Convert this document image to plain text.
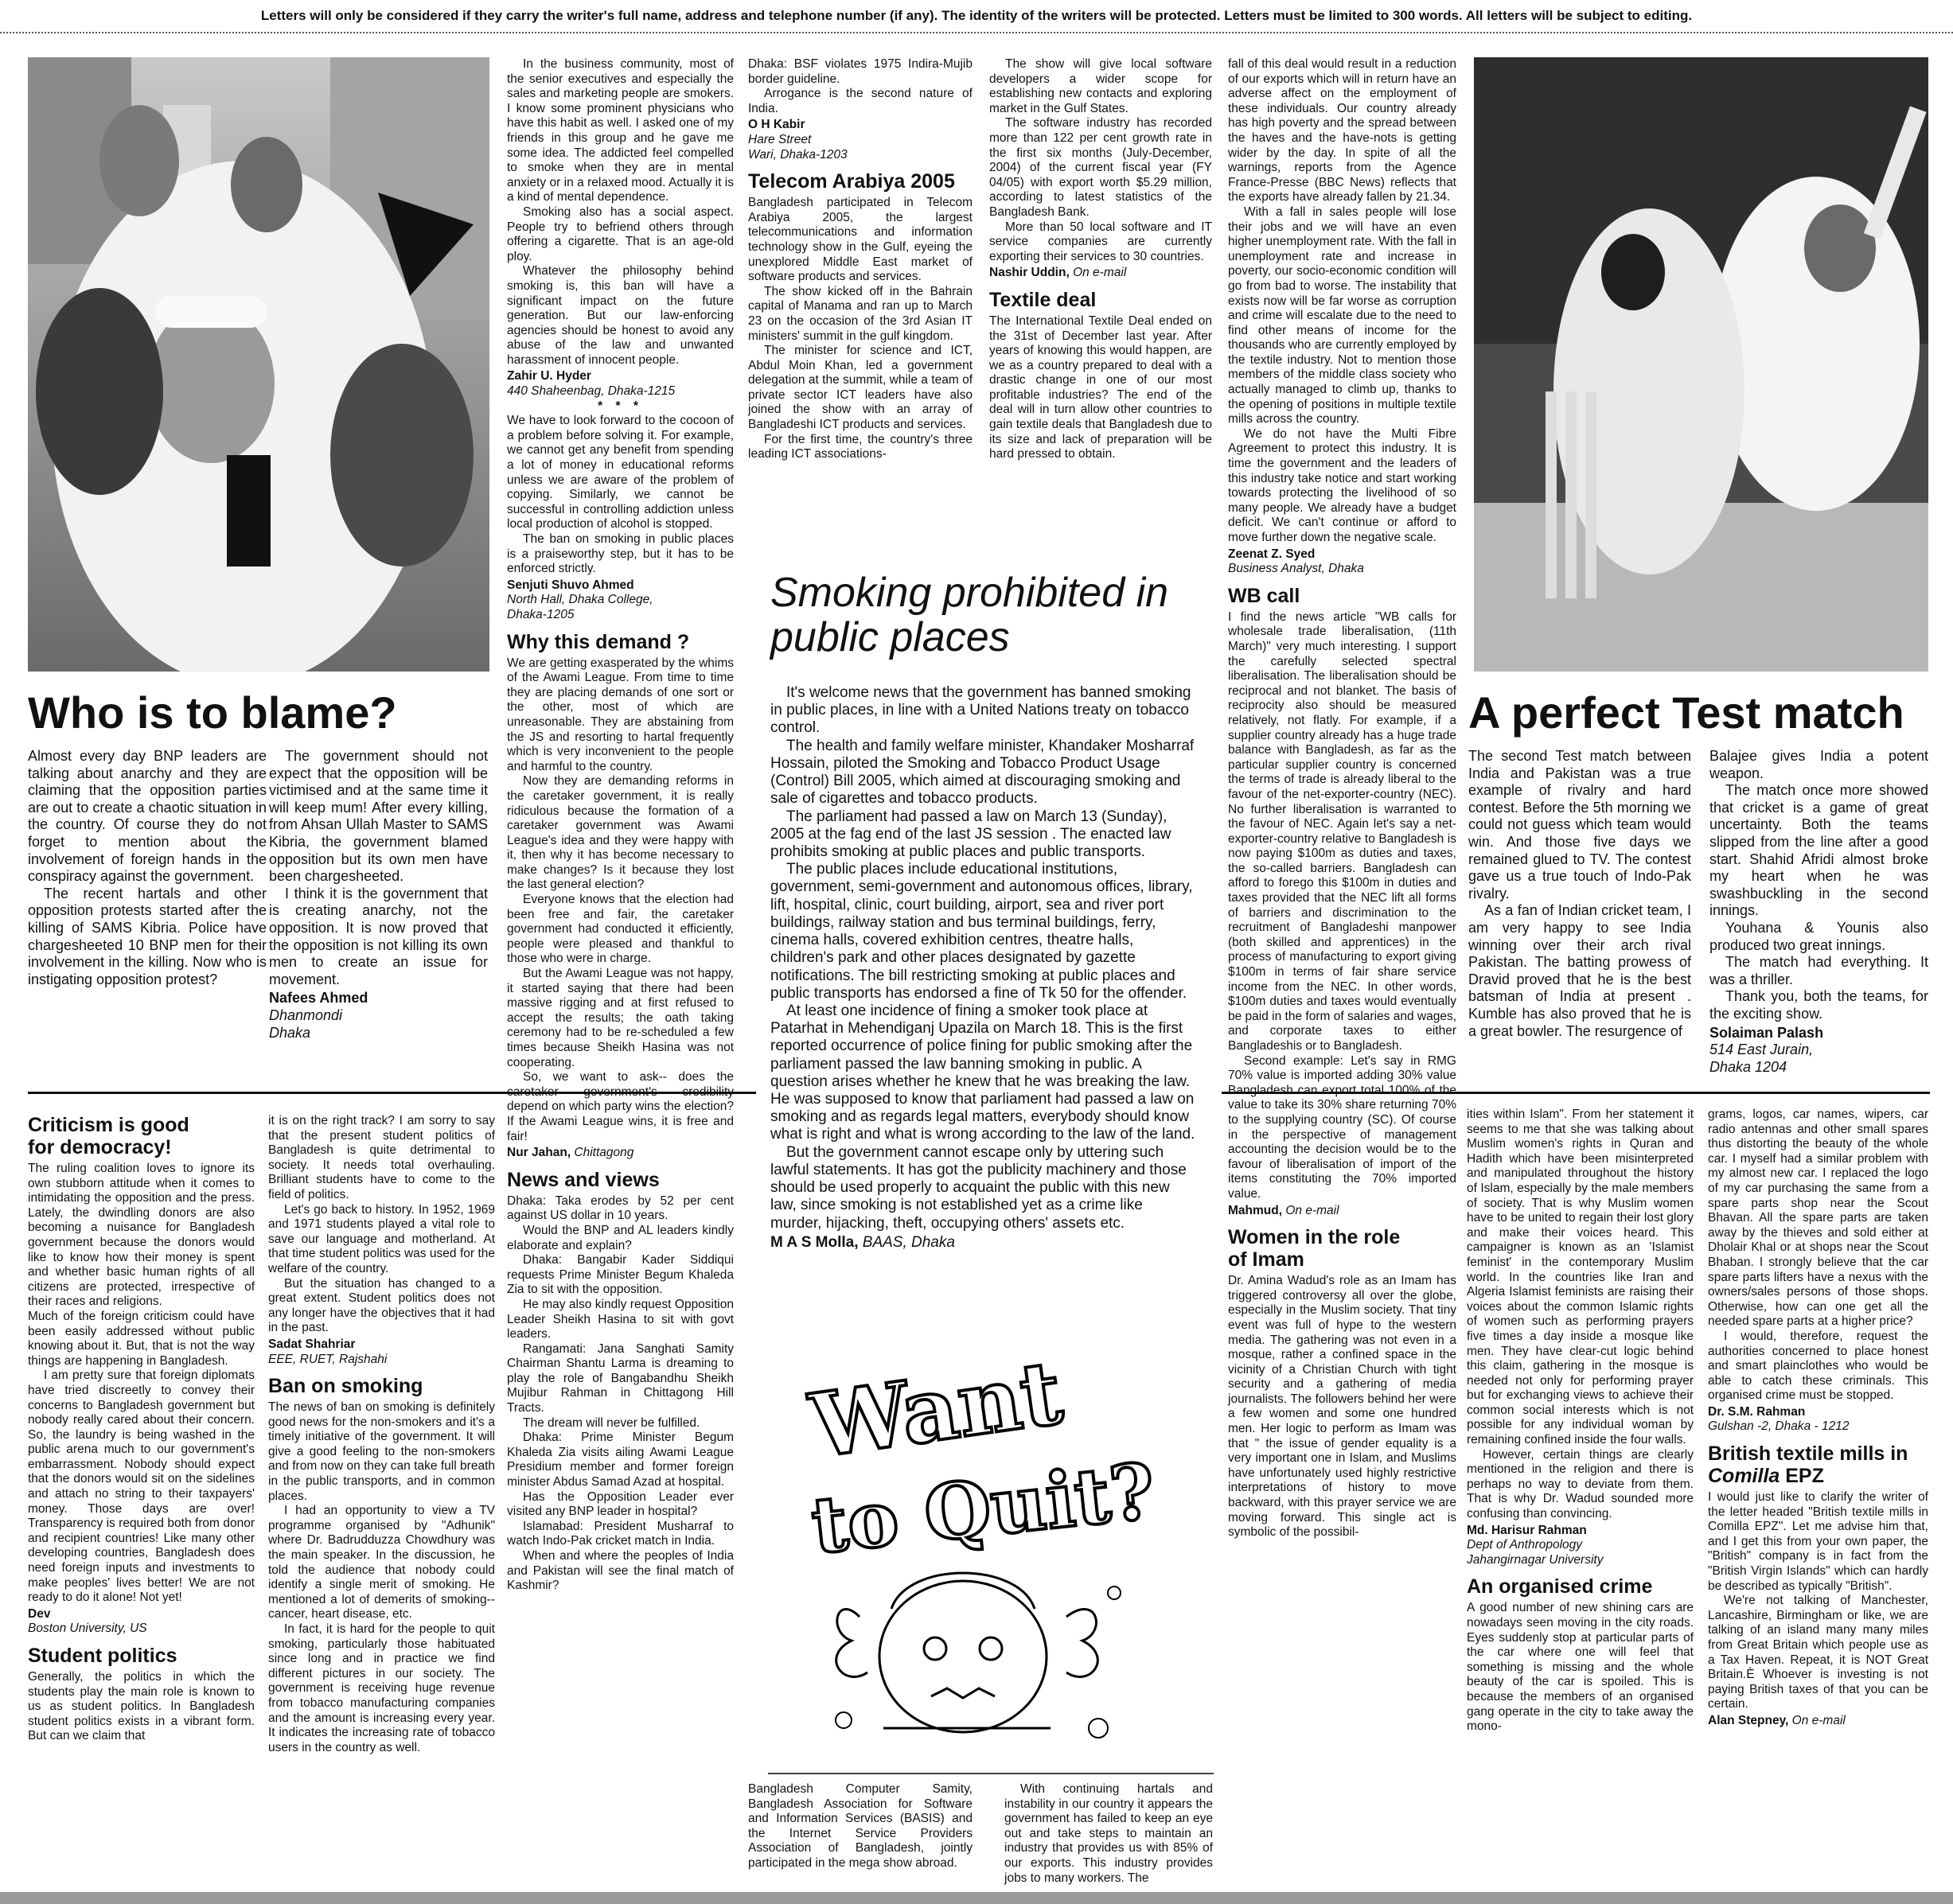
Letters will only be considered if they carry the writer's full name, address and telephone number (if any). The identity of the writers will be protected. Letters must be limited to 300 words. All letters will be subject to editing.
Want
to Quit?
Who is to blame?	A perfect Test match
Smoking prohibited in
public places

Almost every day BNP leaders are talking about anarchy and they are claiming that the opposition parties are out to create a chaotic situation in the country. Of course they do not forget to mention about the involvement of foreign hands in the conspiracy against the government.

The recent hartals and other opposition protests started after the killing of SAMS Kibria. Police have chargesheeted 10 BNP men for their involvement in the killing. Now who is instigating opposition protest?

The government should not expect that the opposition will be victimised and at the same time it will keep mum! After every killing, from Ahsan Ullah Master to SAMS Kibria, the government blamed opposition but its own men have been chargesheeted.

I think it is the government that is creating anarchy, not the opposition. It is now proved that the opposition is not killing its own men to create an issue for movement.

Nafees Ahmed
Dhanmondi
Dhaka

In the business community, most of the senior executives and especially the sales and marketing people are smokers. I know some prominent physicians who have this habit as well. I asked one of my friends in this group and he gave me some idea. The addicted feel compelled to smoke when they are in mental anxiety or in a relaxed mood. Actually it is a kind of mental dependence.

Smoking also has a social aspect. People try to befriend others through offering a cigarette. That is an age-old ploy.

Whatever the philosophy behind smoking is, this ban will have a significant impact on the future generation. But our law-enforcing agencies should be honest to avoid any abuse of the law and unwanted harassment of innocent people.

Zahir U. Hyder
440 Shaheenbag, Dhaka-1215
* * *

We have to look forward to the cocoon of a problem before solving it. For example, we cannot get any benefit from spending a lot of money in educational reforms unless we are aware of the problem of copying. Similarly, we cannot be successful in controlling addiction unless local production of alcohol is stopped.

The ban on smoking in public places is a praiseworthy step, but it has to be enforced strictly.

Senjuti Shuvo Ahmed
North Hall, Dhaka College,
Dhaka-1205
Why this demand ?

We are getting exasperated by the whims of the Awami League. From time to time they are placing demands of one sort or the other, most of which are unreasonable. They are abstaining from the JS and resorting to hartal frequently which is very inconvenient to the people and harmful to the country.

Now they are demanding reforms in the caretaker government, it is really ridiculous because the formation of a caretaker government was Awami League's idea and they were happy with it, then why it has become necessary to make changes? Is it because they lost the last general election?

Everyone knows that the election had been free and fair, the caretaker government had conducted it efficiently, people were pleased and thankful to those who were in charge.

But the Awami League was not happy, it started saying that there had been massive rigging and at first refused to accept the results; the oath taking ceremony had to be re-scheduled a few times because Sheikh Hasina was not cooperating.

So, we want to ask-- does the caretaker government's credibility depend on which party wins the election? If the Awami League wins, it is free and fair!

Nur Jahan, Chittagong
News and views

Dhaka: Taka erodes by 52 per cent against US dollar in 10 years.

Would the BNP and AL leaders kindly elaborate and explain?

Dhaka: Bangabir Kader Siddiqui requests Prime Minister Begum Khaleda Zia to sit with the opposition.

He may also kindly request Opposition Leader Sheikh Hasina to sit with govt leaders.

Rangamati: Jana Sanghati Samity Chairman Shantu Larma is dreaming to play the role of Bangabandhu Sheikh Mujibur Rahman in Chittagong Hill Tracts.

The dream will never be fulfilled.

Dhaka: Prime Minister Begum Khaleda Zia visits ailing Awami League Presidium member and former foreign minister Abdus Samad Azad at hospital.

Has the Opposition Leader ever visited any BNP leader in hospital?

Islamabad: President Musharraf to watch Indo-Pak cricket match in India.

When and where the peoples of India and Pakistan will see the final match of Kashmir?

Dhaka: BSF violates 1975 Indira-Mujib border guideline.

Arrogance is the second nature of India.

O H Kabir
Hare Street
Wari, Dhaka-1203
Telecom Arabiya 2005

Bangladesh participated in Telecom Arabiya 2005, the largest telecommunications and information technology show in the Gulf, eyeing the unexplored Middle East market of software products and services.

The show kicked off in the Bahrain capital of Manama and ran up to March 23 on the occasion of the 3rd Asian IT ministers' summit in the gulf kingdom.

The minister for science and ICT, Abdul Moin Khan, led a government delegation at the summit, while a team of private sector ICT leaders have also joined the show with an array of Bangladeshi ICT products and services.

For the first time, the country's three leading ICT associations-

The show will give local software developers a wider scope for establishing new contacts and exploring market in the Gulf States.

The software industry has recorded more than 122 per cent growth rate in the first six months (July-December, 2004) of the current fiscal year (FY 04/05) with export worth $5.29 million, according to latest statistics of the Bangladesh Bank.

More than 50 local software and IT service companies are currently exporting their services to 30 countries.

Nashir Uddin, On e-mail
Textile deal

The International Textile Deal ended on the 31st of December last year. After years of knowing this would happen, are we as a country prepared to deal with a drastic change in one of our most profitable industries? The end of the deal will in turn allow other countries to gain textile deals that Bangladesh due to its size and lack of preparation will be hard pressed to obtain.

fall of this deal would result in a reduction of our exports which will in return have an adverse affect on the employment of these individuals. Our country already has high poverty and the spread between the haves and the have-nots is getting wider by the day. In spite of all the warnings, reports from the Agence France-Presse (BBC News) reflects that the exports have already fallen by 21.34.

With a fall in sales people will lose their jobs and we will have an even higher unemployment rate. With the fall in unemployment rate and increase in poverty, our socio-economic condition will go from bad to worse. The instability that exists now will be far worse as corruption and crime will escalate due to the need to find other means of income for the thousands who are currently employed by the textile industry. Not to mention those members of the middle class society who actually managed to climb up, thanks to the opening of positions in multiple textile mills across the country.

We do not have the Multi Fibre Agreement to protect this industry. It is time the government and the leaders of this industry take notice and start working towards protecting the livelihood of so many people. We already have a budget deficit. We can't continue or afford to move further down the negative scale.

Zeenat Z. Syed
Business Analyst, Dhaka
WB call

I find the news article "WB calls for wholesale trade liberalisation, (11th March)" very much interesting. I support the carefully selected spectral liberalisation. The liberalisation should be reciprocal and not blanket. The basis of reciprocity also should be measured relatively, not flatly. For example, if a supplier country already has a huge trade balance with Bangladesh, as far as the particular supplier country is concerned the terms of trade is already liberal to the favour of the net-exporter-country (NEC). No further liberalisation is warranted to the favour of NEC. Again let's say a net-exporter-country relative to Bangladesh is now paying $100m as duties and taxes, the so-called barriers. Bangladesh can afford to forego this $100m in duties and taxes provided that the NEC lift all forms of barriers and discrimination to the recruitment of Bangladeshi manpower (both skilled and apprentices) in the process of manufacturing to export giving $100m in terms of fair share service income from the NEC. In other words, $100m duties and taxes would eventually be paid in the form of salaries and wages, and corporate taxes to either Bangladeshis or to Bangladesh.

Second example: Let's say in RMG 70% value is imported adding 30% value Bangladesh can export total 100% of the value to take its 30% share returning 70% to the supplying country (SC). Of course in the perspective of management accounting the decision would be to the favour of liberalisation of import of the items constituting the 70% imported value.

Mahmud, On e-mail
Women in the role
of Imam

Dr. Amina Wadud's role as an Imam has triggered controversy all over the globe, especially in the Muslim society. That tiny event was full of hype to the western media. The gathering was not even in a mosque, rather a confined space in the vicinity of a Christian Church with tight security and a gathering of media journalists. The followers behind her were a few women and some one hundred men. Her logic to perform as Imam was that " the issue of gender equality is a very important one in Islam, and Muslims have unfortunately used highly restrictive interpretations of history to move backward, with this prayer service we are moving forward. This single act is symbolic of the possibil-

It's welcome news that the government has banned smoking in public places, in line with a United Nations treaty on tobacco control.

The health and family welfare minister, Khandaker Mosharraf Hossain, piloted the Smoking and Tobacco Product Usage (Control) Bill 2005, which aimed at discouraging smoking and sale of cigarettes and tobacco products.

The parliament had passed a law on March 13 (Sunday), 2005 at the fag end of the last JS session . The enacted law prohibits smoking at public places and public transports.

The public places include educational institutions, government, semi-government and autonomous offices, library, lift, hospital, clinic, court building, airport, sea and river port buildings, railway station and bus terminal buildings, ferry, cinema halls, covered exhibition centres, theatre halls, children's park and other places designated by gazette notifications. The bill restricting smoking at public places and public transports has endorsed a fine of Tk 50 for the offender.

At least one incidence of fining a smoker took place at Patarhat in Mehendiganj Upazila on March 18. This is the first reported occurrence of police fining for public smoking after the parliament passed the law banning smoking in public. A question arises whether he knew that he was breaking the law. He was supposed to know that parliament had passed a law on smoking and as regards legal matters, everybody should know what is right and what is wrong according to the law of the land.

But the government cannot escape only by uttering such lawful statements. It has got the publicity machinery and those should be used properly to acquaint the public with this new law, since smoking is not established yet as a crime like murder, hijacking, theft, occupying others' assets etc.

M A S Molla, BAAS, Dhaka

Bangladesh Computer Samity, Bangladesh Association for Software and Information Services (BASIS) and the Internet Service Providers Association of Bangladesh, jointly participated in the mega show abroad.

With continuing hartals and instability in our country it appears the government has failed to keep an eye out and take steps to maintain an industry that provides us with 85% of our exports. This industry provides jobs to many workers. The

The second Test match between India and Pakistan was a true example of rivalry and hard contest. Before the 5th morning we could not guess which team would win. And those five days we remained glued to TV. The contest gave us a true touch of Indo-Pak rivalry.

As a fan of Indian cricket team, I am very happy to see India winning over their arch rival Pakistan. The batting prowess of Dravid proved that he is the best batsman of India at present . Kumble has also proved that he is a great bowler. The resurgence of

Balajee gives India a potent weapon.

The match once more showed that cricket is a game of great uncertainty. Both the teams slipped from the line after a good start. Shahid Afridi almost broke my heart when he was swashbuckling in the second innings.

Youhana & Younis also produced two great innings.

The match had everything. It was a thriller.

Thank you, both the teams, for the exciting show.

Solaiman Palash
514 East Jurain,
Dhaka 1204

ities within Islam". From her statement it seems to me that she was talking about Muslim women's rights in Quran and Hadith which have been misinterpreted and manipulated throughout the history of Islam, especially by the male members of society. That is why Muslim women have to be united to regain their lost glory and make their voices heard. This campaigner is known as an 'Islamist feminist' in the contemporary Muslim world. In the countries like Iran and Algeria Islamist feminists are raising their voices about the common Islamic rights of women such as performing prayers five times a day inside a mosque like men. They have clear-cut logic behind this claim, gathering in the mosque is needed not only for performing prayer but for exchanging views to achieve their common social interests which is not possible for any individual woman by remaining confined inside the four walls.

However, certain things are clearly mentioned in the religion and there is perhaps no way to deviate from them. That is why Dr. Wadud sounded more confusing than convincing.

Md. Harisur Rahman
Dept of Anthropology
Jahangirnagar University
An organised crime

A good number of new shining cars are nowadays seen moving in the city roads. Eyes suddenly stop at particular parts of the car where one will feel that something is missing and the whole beauty of the car is spoiled. This is because the members of an organised gang operate in the city to take away the mono-

grams, logos, car names, wipers, car radio antennas and other small spares thus distorting the beauty of the whole car. I myself had a similar problem with my almost new car. I replaced the logo of my car purchasing the same from a spare parts shop near the Scout Bhavan. All the spare parts are taken away by the thieves and sold either at Dholair Khal or at shops near the Scout Bhaban. I strongly believe that the car spare parts lifters have a nexus with the owners/sales persons of those shops. Otherwise, how can one get all the needed spare parts at a higher price?

I would, therefore, request the authorities concerned to place honest and smart plainclothes who would be able to catch these criminals. This organised crime must be stopped.

Dr. S.M. Rahman
Gulshan -2, Dhaka - 1212
British textile mills in
Comilla EPZ

I would just like to clarify the writer of the letter headed "British textile mills in Comilla EPZ". Let me advise him that, and I get this from your own paper, the "British" company is in fact from the "British Virgin Islands" which can hardly be described as typically "British".

We're not talking of Manchester, Lancashire, Birmingham or like, we are talking of an island many many miles from Great Britain which people use as a Tax Haven. Repeat, it is NOT Great Britain.È Whoever is investing is not paying British taxes of that you can be certain.

Alan Stepney, On e-mail
Criticism is good
for democracy!

The ruling coalition loves to ignore its own stubborn attitude when it comes to intimidating the opposition and the press. Lately, the dwindling donors are also becoming a nuisance for Bangladesh government because the donors would like to know how their money is spent and whether basic human rights of all citizens are protected, irrespective of their races and religions.

Much of the foreign criticism could have been easily addressed without public knowing about it. But, that is not the way things are happening in Bangladesh.

I am pretty sure that foreign diplomats have tried discreetly to convey their concerns to Bangladesh government but nobody really cared about their concern. So, the laundry is being washed in the public arena much to our government's embarrassment. Nobody should expect that the donors would sit on the sidelines and attach no string to their taxpayers' money. Those days are over! Transparency is required both from donor and recipient countries! Like many other developing countries, Bangladesh does need foreign inputs and investments to make peoples' lives better! We are not ready to do it alone! Not yet!

Dev
Boston University, US
Student politics

Generally, the politics in which the students play the main role is known to us as student politics. In Bangladesh student politics exists in a vibrant form. But can we claim that

it is on the right track? I am sorry to say that the present student politics of Bangladesh is quite detrimental to society. It needs total overhauling. Brilliant students have to come to the field of politics.

Let's go back to history. In 1952, 1969 and 1971 students played a vital role to save our language and motherland. At that time student politics was used for the welfare of the country.

But the situation has changed to a great extent. Student politics does not any longer have the objectives that it had in the past.

Sadat Shahriar
EEE, RUET, Rajshahi
Ban on smoking

The news of ban on smoking is definitely good news for the non-smokers and it's a timely initiative of the government. It will give a good feeling to the non-smokers and from now on they can take full breath in the public transports, and in common places.

I had an opportunity to view a TV programme organised by "Adhunik" where Dr. Badrudduzza Chowdhury was the main speaker. In the discussion, he told the audience that nobody could identify a single merit of smoking. He mentioned a lot of demerits of smoking--cancer, heart disease, etc.

In fact, it is hard for the people to quit smoking, particularly those habituated since long and in practice we find different pictures in our society. The government is receiving huge revenue from tobacco manufacturing companies and the amount is increasing every year. It indicates the increasing rate of tobacco users in the country as well.
